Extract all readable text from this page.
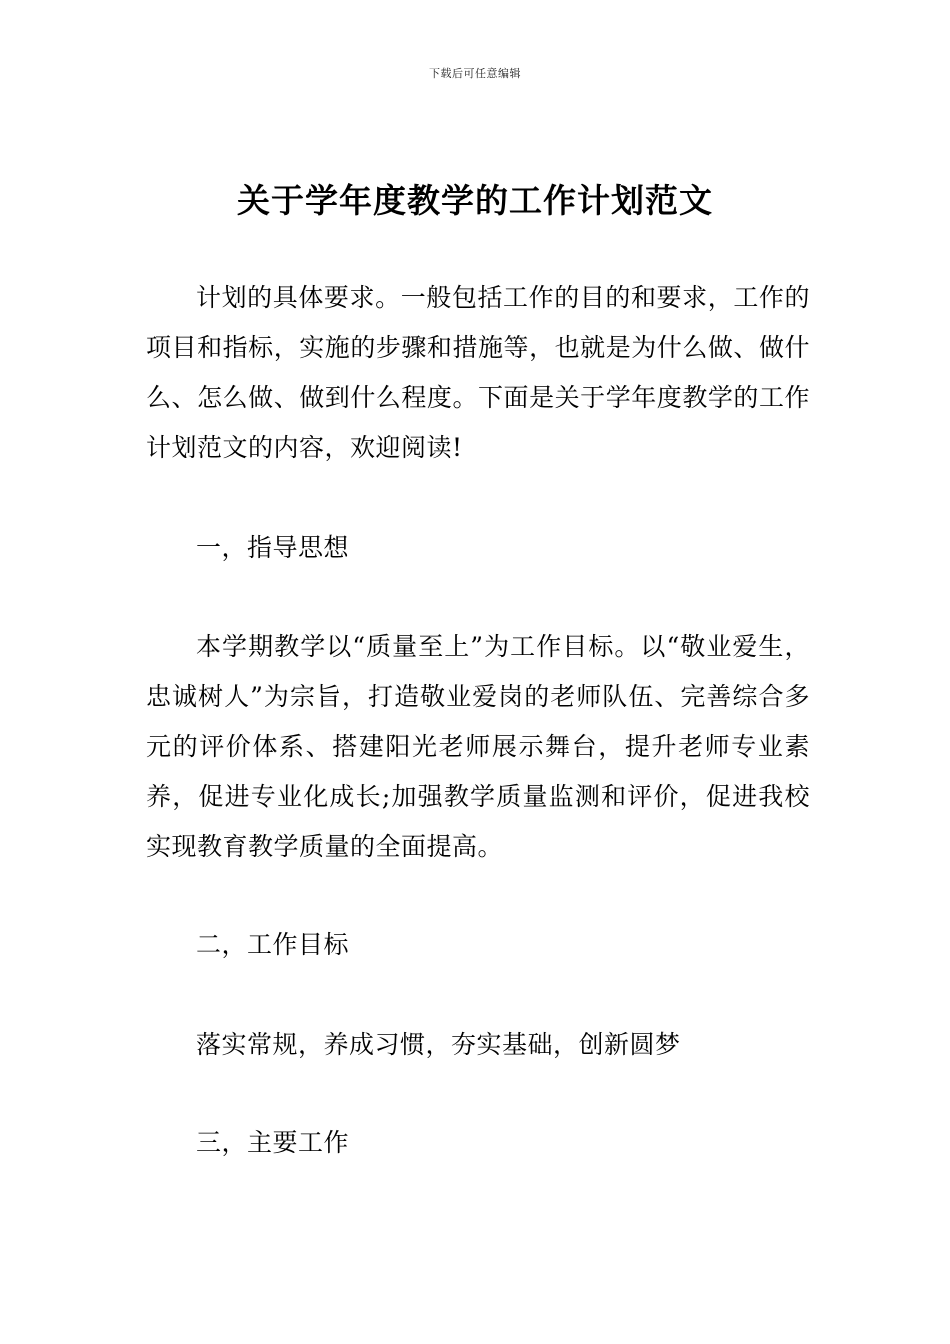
下载后可任意编辑
关于学年度教学的工作计划范文

计划的具体要求。一般包括工作的目的和要求，工作的项目和指标，实施的步骤和措施等，也就是为什么做、做什么、怎么做、做到什么程度。下面是关于学年度教学的工作计划范文的内容，欢迎阅读!

一，指导思想

本学期教学以“质量至上”为工作目标。以“敬业爱生，忠诚树人”为宗旨，打造敬业爱岗的老师队伍、完善综合多元的评价体系、搭建阳光老师展示舞台，提升老师专业素养，促进专业化成长;加强教学质量监测和评价，促进我校实现教育教学质量的全面提高。

二，工作目标

落实常规，养成习惯，夯实基础，创新圆梦

三，主要工作
